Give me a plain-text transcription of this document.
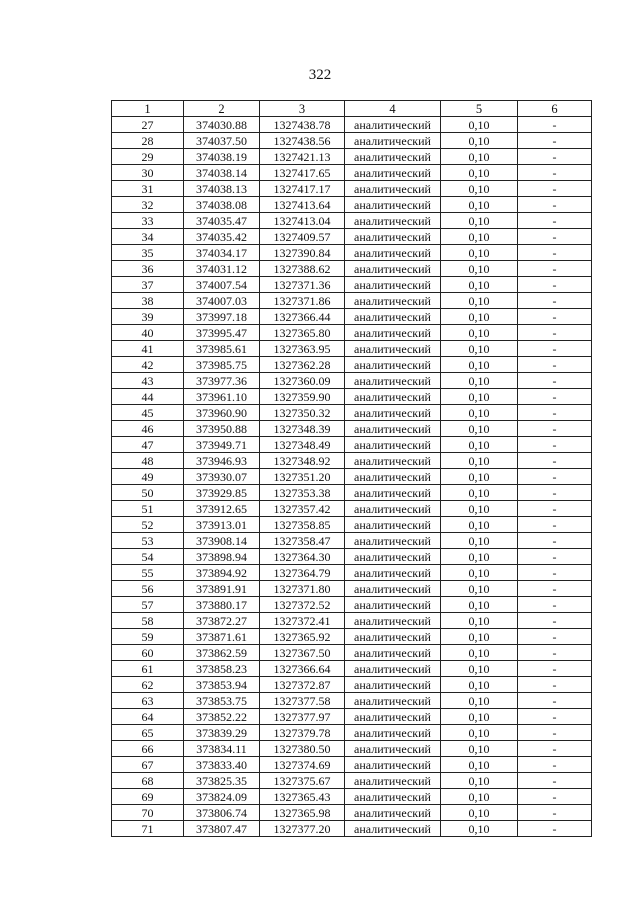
322
1	2	3	4	5	6
27	374030.88	1327438.78	аналитический	0,10	-
28	374037.50	1327438.56	аналитический	0,10	-
29	374038.19	1327421.13	аналитический	0,10	-
30	374038.14	1327417.65	аналитический	0,10	-
31	374038.13	1327417.17	аналитический	0,10	-
32	374038.08	1327413.64	аналитический	0,10	-
33	374035.47	1327413.04	аналитический	0,10	-
34	374035.42	1327409.57	аналитический	0,10	-
35	374034.17	1327390.84	аналитический	0,10	-
36	374031.12	1327388.62	аналитический	0,10	-
37	374007.54	1327371.36	аналитический	0,10	-
38	374007.03	1327371.86	аналитический	0,10	-
39	373997.18	1327366.44	аналитический	0,10	-
40	373995.47	1327365.80	аналитический	0,10	-
41	373985.61	1327363.95	аналитический	0,10	-
42	373985.75	1327362.28	аналитический	0,10	-
43	373977.36	1327360.09	аналитический	0,10	-
44	373961.10	1327359.90	аналитический	0,10	-
45	373960.90	1327350.32	аналитический	0,10	-
46	373950.88	1327348.39	аналитический	0,10	-
47	373949.71	1327348.49	аналитический	0,10	-
48	373946.93	1327348.92	аналитический	0,10	-
49	373930.07	1327351.20	аналитический	0,10	-
50	373929.85	1327353.38	аналитический	0,10	-
51	373912.65	1327357.42	аналитический	0,10	-
52	373913.01	1327358.85	аналитический	0,10	-
53	373908.14	1327358.47	аналитический	0,10	-
54	373898.94	1327364.30	аналитический	0,10	-
55	373894.92	1327364.79	аналитический	0,10	-
56	373891.91	1327371.80	аналитический	0,10	-
57	373880.17	1327372.52	аналитический	0,10	-
58	373872.27	1327372.41	аналитический	0,10	-
59	373871.61	1327365.92	аналитический	0,10	-
60	373862.59	1327367.50	аналитический	0,10	-
61	373858.23	1327366.64	аналитический	0,10	-
62	373853.94	1327372.87	аналитический	0,10	-
63	373853.75	1327377.58	аналитический	0,10	-
64	373852.22	1327377.97	аналитический	0,10	-
65	373839.29	1327379.78	аналитический	0,10	-
66	373834.11	1327380.50	аналитический	0,10	-
67	373833.40	1327374.69	аналитический	0,10	-
68	373825.35	1327375.67	аналитический	0,10	-
69	373824.09	1327365.43	аналитический	0,10	-
70	373806.74	1327365.98	аналитический	0,10	-
71	373807.47	1327377.20	аналитический	0,10	-
